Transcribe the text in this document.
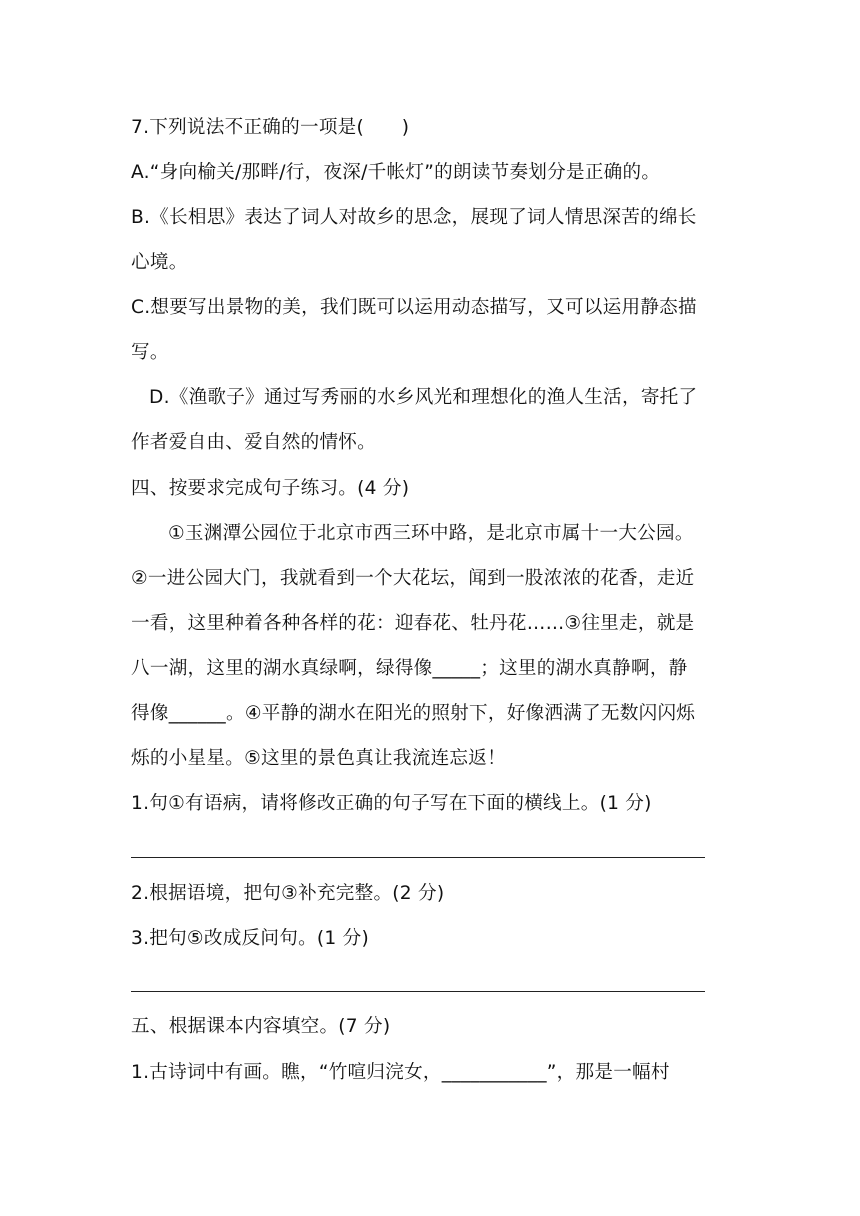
7.下列说法不正确的一项是(　　)
A.“身向榆关/那畔/行，夜深/千帐灯”的朗读节奏划分是正确的。
B.《长相思》表达了词人对故乡的思念，展现了词人情思深苦的绵长
心境。
C.想要写出景物的美，我们既可以运用动态描写，又可以运用静态描
写。
D.《渔歌子》通过写秀丽的水乡风光和理想化的渔人生活，寄托了
作者爱自由、爱自然的情怀。
四、按要求完成句子练习。(4 分)
①玉渊潭公园位于北京市西三环中路，是北京市属十一大公园。
②一进公园大门，我就看到一个大花坛，闻到一股浓浓的花香，走近
一看，这里种着各种各样的花：迎春花、牡丹花……③往里走，就是
八一湖，这里的湖水真绿啊，绿得像_____；这里的湖水真静啊，静
得像______。④平静的湖水在阳光的照射下，好像洒满了无数闪闪烁
烁的小星星。⑤这里的景色真让我流连忘返！
1.句①有语病，请将修改正确的句子写在下面的横线上。(1 分)
2.根据语境，把句③补充完整。(2 分)
3.把句⑤改成反问句。(1 分)
五、根据课本内容填空。(7 分)
1.古诗词中有画。瞧，“竹喧归浣女，___________”，那是一幅村
